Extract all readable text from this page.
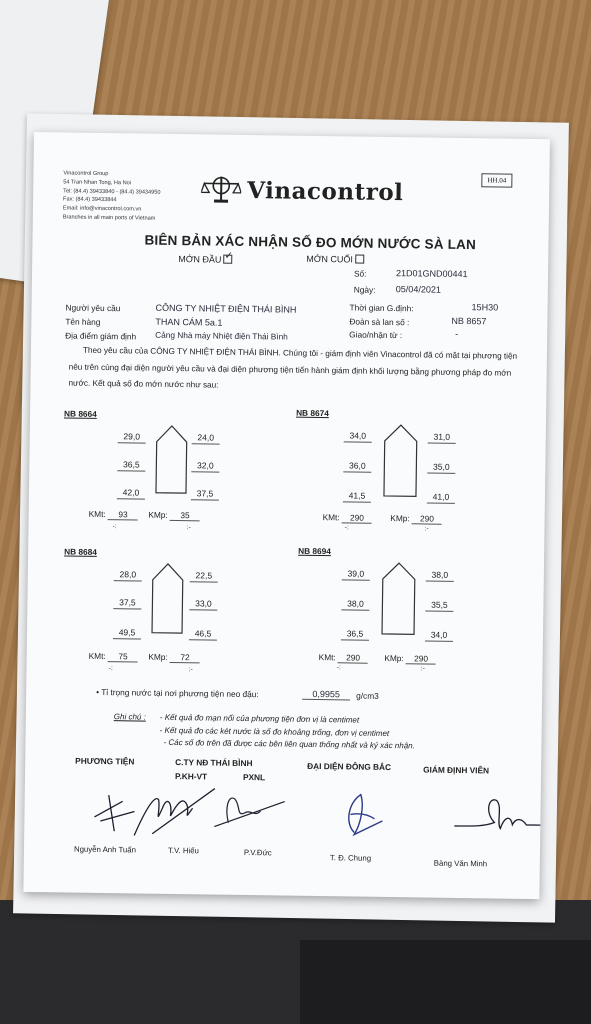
Vinacontrol Group
54 Tran Nhan Tong, Ha Noi
Tel: (84.4) 39433840 - (84.4) 39434950
Fax: (84.4) 39433844
Email: info@vinacontrol.com.vn
Branches in all main ports of Vietnam
Vinacontrol	HH.04
BIÊN BẢN XÁC NHẬN SỐ ĐO MỚN NƯỚC SÀ LAN
MỚN ĐẦU✓	MỚN CUỐI
Số:	21D01GND00441
Ngày: 05/04/2021
Người yêu cầu	CÔNG TY NHIỆT ĐIỆN THÁI BÌNH
Tên hàng	THAN CÁM 5a.1
Địa điểm giám định Cảng Nhà máy Nhiệt điện Thái Bình
Thời gian G.định:	15H30
Đoàn sà lan số :	NB 8657
Giao/nhận từ :	-
Theo yêu cầu của CÔNG TY NHIỆT ĐIỆN THÁI BÌNH. Chúng tôi - giám định viên Vinacontrol đã có mặt tại phương tiện nêu trên cùng đại diện người yêu cầu và đại diện phương tiện tiến hành giám định khối lượng bằng phương pháp đo mớn nước. Kết quả số đo mớn nước như sau:
NB 8664
29,0
36,5
42,0
24,0
32,0
37,5
KMt: 93 KMp: 35
-:	:-
NB 8674
34,0
36,0
41,5
31,0
35,0
41,0
KMt: 290	KMp: 290
-:	:-
NB 8684
28,0
37,5
49,5
22,5
33,0
46,5
KMt: 75 KMp: 72
-:	:-
NB 8694
39,0
38,0
36,5
38,0
35,5
34,0
KMt: 290	KMp: 290
-:	:-
• Tỉ trọng nước tại nơi phương tiện neo đậu:	0,9955	g/cm3
Ghi chú : - Kết quả đo mạn nổi của phương tiện đơn vị là centimet
- Kết quả đo các két nước là số đo khoảng trống, đơn vị centimet
- Các số đo trên đã được các bên liên quan thống nhất và ký xác nhận.
PHƯƠNG TIỆN	C.TY NĐ THÁI BÌNH
P.KH-VT	PXNL
ĐẠI DIỆN ĐÔNG BẮC	GIÁM ĐỊNH VIÊN
Nguyễn Anh Tuấn	T.V. Hiếu	P.V.Đức
T. Đ. Chung
Bàng Văn Minh
